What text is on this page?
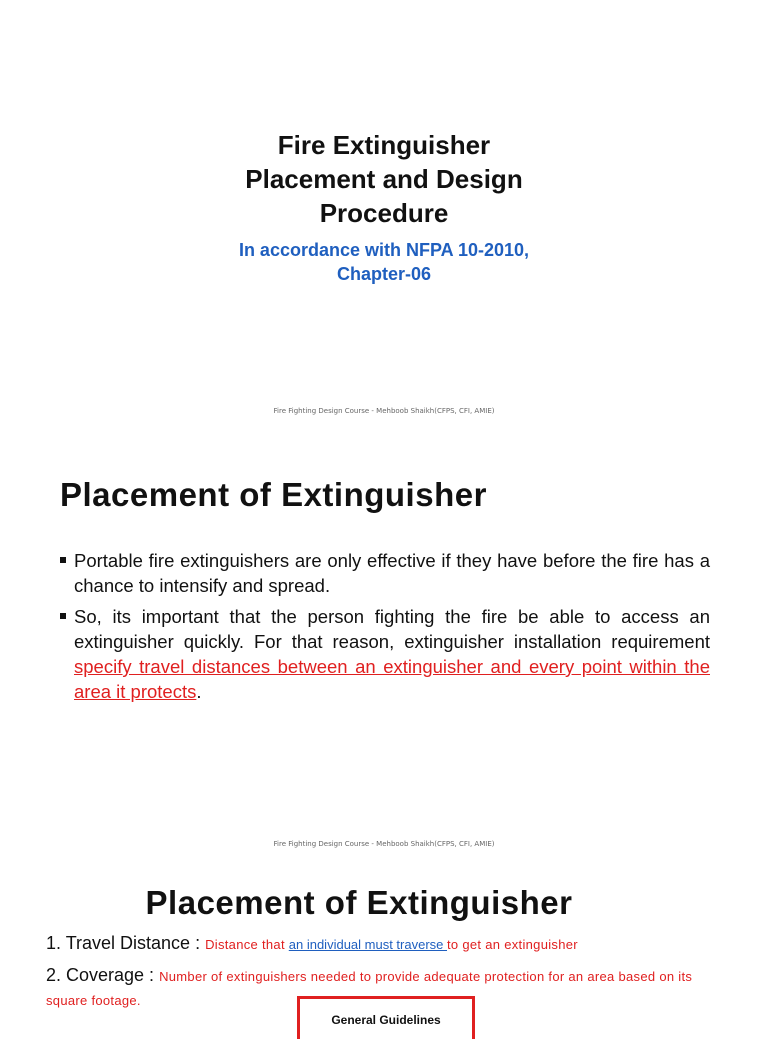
Fire Extinguisher
Placement and Design
Procedure
In accordance with NFPA 10-2010,
Chapter-06
Fire Fighting Design Course - Mehboob Shaikh(CFPS, CFI, AMIE)
Placement of Extinguisher
Portable fire extinguishers are only effective if they have before the fire has a chance to intensify and spread.
So, its important that the person fighting the fire be able to access an extinguisher quickly. For that reason, extinguisher installation requirement specify travel distances between an extinguisher and every point within the area it protects.
Fire Fighting Design Course - Mehboob Shaikh(CFPS, CFI, AMIE)
Placement of Extinguisher
1. Travel Distance : Distance that an individual must traverse to get an extinguisher
2. Coverage : Number of extinguishers needed to provide adequate protection for an area based on its square footage.
General Guidelines
